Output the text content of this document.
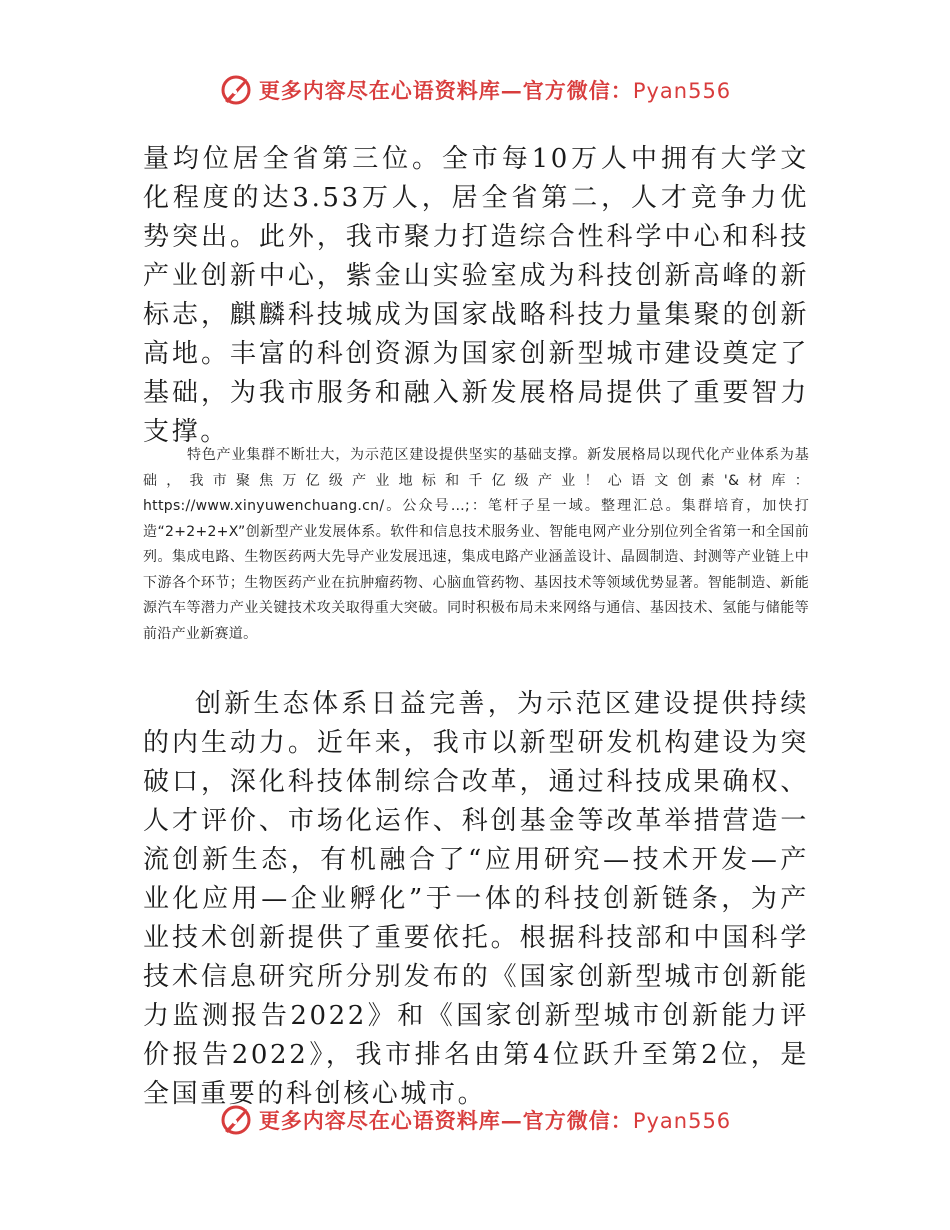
更多内容尽在心语资料库—官方微信：Pyan556

量均位居全省第三位。全市每10万人中拥有大学文化程度的达3.53万人，居全省第二，人才竞争力优势突出。此外，我市聚力打造综合性科学中心和科技产业创新中心，紫金山实验室成为科技创新高峰的新标志，麒麟科技城成为国家战略科技力量集聚的创新高地。丰富的科创资源为国家创新型城市建设奠定了基础，为我市服务和融入新发展格局提供了重要智力支撑。

特色产业集群不断壮大，为示范区建设提供坚实的基础支撑。新发展格局以现代化产业体系为基础，我市聚焦万亿级产业地标和千亿级产业！心语文创素'&材库：https://www.xinyuwenchuang.cn/。公众号…;：笔杆子星一域。整理汇总。集群培育，加快打造“2+2+2+X”创新型产业发展体系。软件和信息技术服务业、智能电网产业分别位列全省第一和全国前列。集成电路、生物医药两大先导产业发展迅速，集成电路产业涵盖设计、晶圆制造、封测等产业链上中下游各个环节；生物医药产业在抗肿瘤药物、心脑血管药物、基因技术等领域优势显著。智能制造、新能源汽车等潜力产业关键技术攻关取得重大突破。同时积极布局未来网络与通信、基因技术、氢能与储能等前沿产业新赛道。

创新生态体系日益完善，为示范区建设提供持续的内生动力。近年来，我市以新型研发机构建设为突破口，深化科技体制综合改革，通过科技成果确权、人才评价、市场化运作、科创基金等改革举措营造一流创新生态，有机融合了“应用研究—技术开发—产业化应用—企业孵化”于一体的科技创新链条，为产业技术创新提供了重要依托。根据科技部和中国科学技术信息研究所分别发布的《国家创新型城市创新能力监测报告2022》和《国家创新型城市创新能力评价报告2022》，我市排名由第4位跃升至第2位，是全国重要的科创核心城市。

更多内容尽在心语资料库—官方微信：Pyan556
